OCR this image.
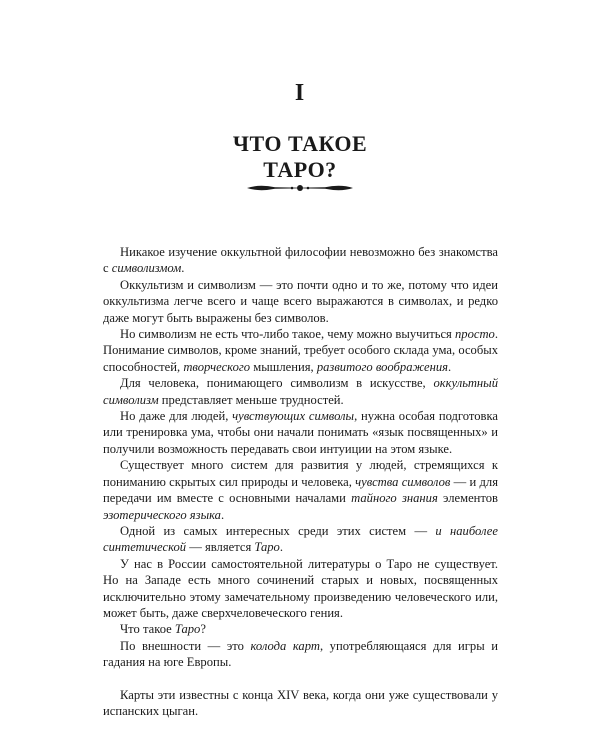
I
ЧТО ТАКОЕ
ТАРО?

Никакое изучение оккультной философии невозможно без знакомства с символизмом.

Оккультизм и символизм — это почти одно и то же, потому что идеи оккультизма легче всего и чаще всего выражаются в символах, и редко даже могут быть выражены без символов.

Но символизм не есть что-либо такое, чему можно выучиться просто. Понимание символов, кроме знаний, требует особого склада ума, особых способностей, творческого мышления, развитого воображения.

Для человека, понимающего символизм в искусстве, оккультный символизм представляет меньше трудностей.

Но даже для людей, чувствующих символы, нужна особая подготовка или тренировка ума, чтобы они начали понимать «язык посвященных» и получили возможность передавать свои интуиции на этом языке.

Существует много систем для развития у людей, стремящихся к пониманию скрытых сил природы и человека, чувства символов — и для передачи им вместе с основными началами тайного знания элементов эзотерического языка.

Одной из самых интересных среди этих систем — и наиболее синтетической — является Таро.

У нас в России самостоятельной литературы о Таро не существует. Но на Западе есть много сочинений старых и новых, посвященных исключительно этому замечательному произведению человеческого или, может быть, даже сверхчеловеческого гения.

Что такое Таро?

По внешности — это колода карт, употребляющаяся для игры и гадания на юге Европы.

Карты эти известны с конца XIV века, когда они уже существовали у испанских цыган.
